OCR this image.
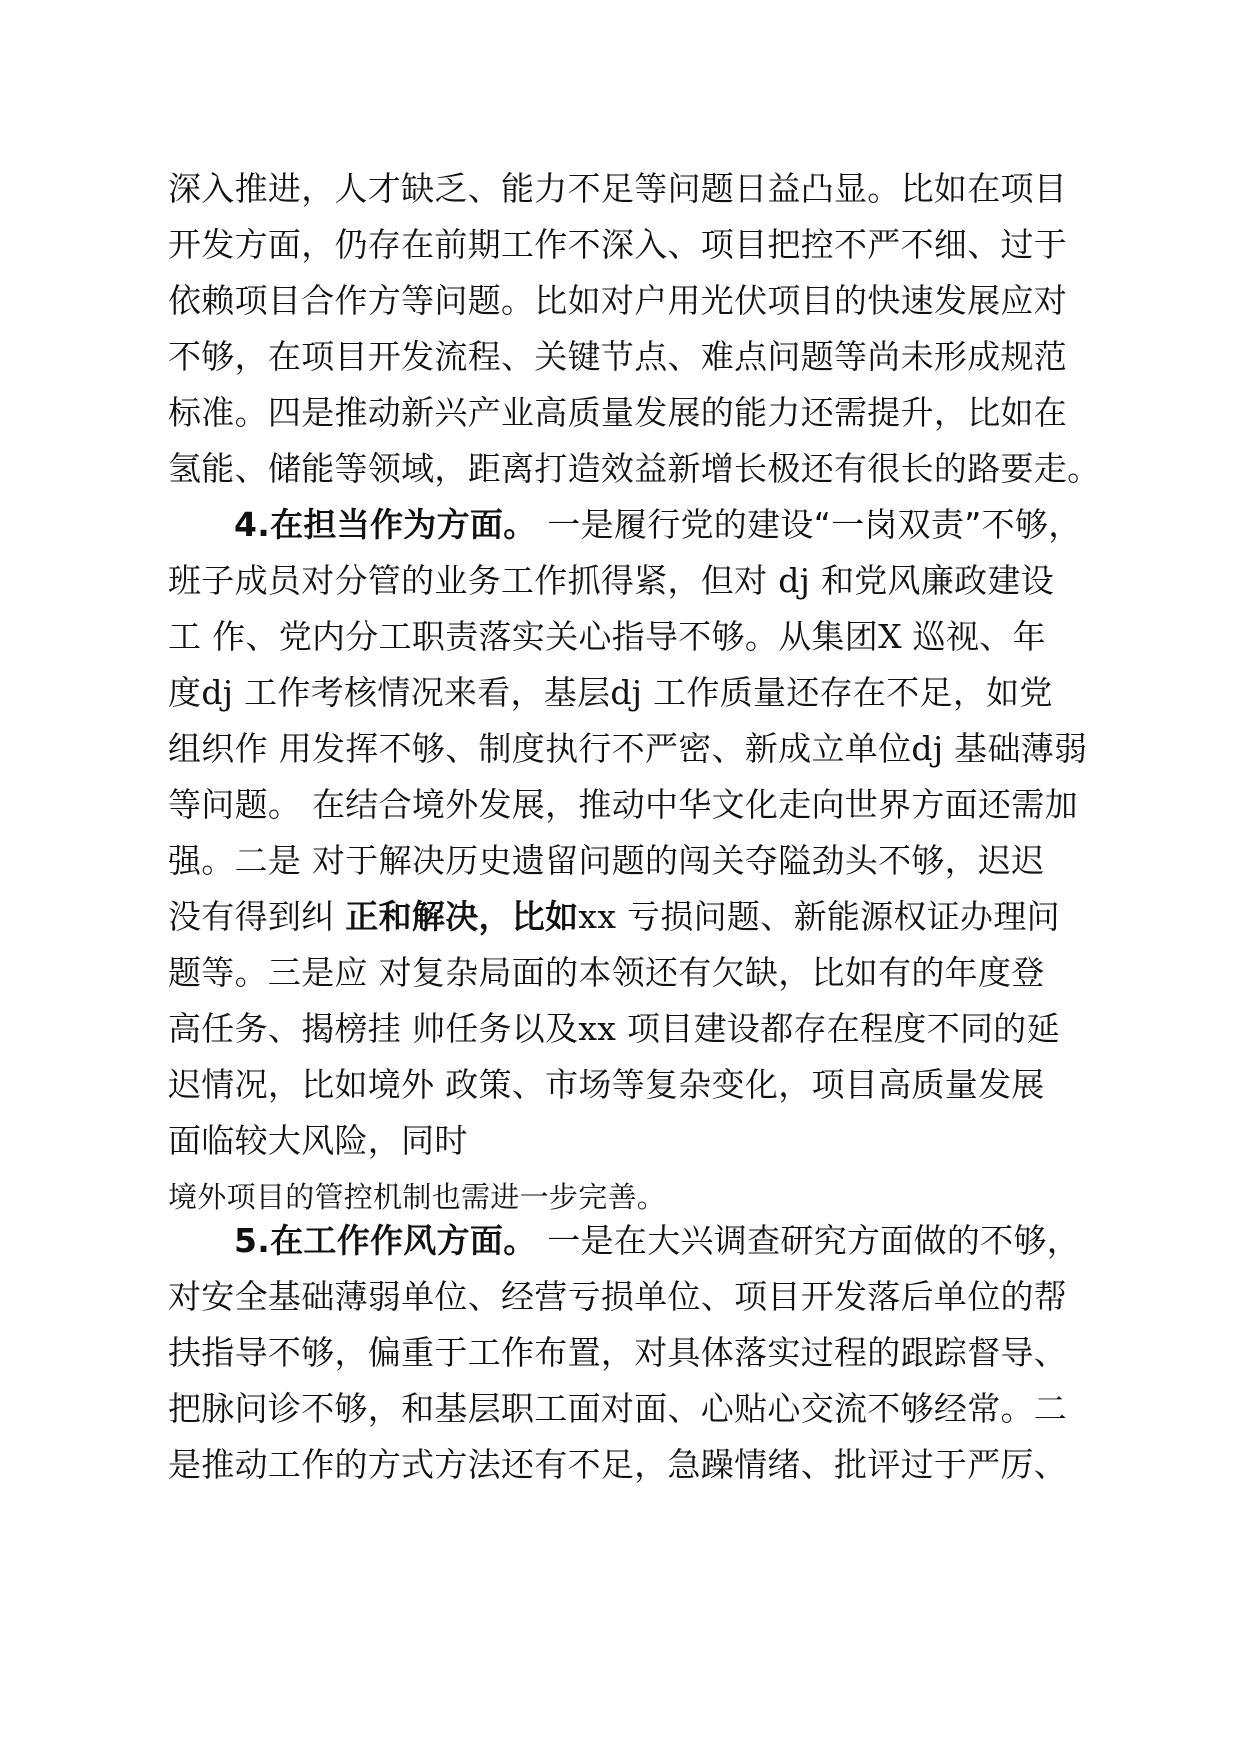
深入推进，人才缺乏、能力不足等问题日益凸显。比如在项目
开发方面，仍存在前期工作不深入、项目把控不严不细、过于
依赖项目合作方等问题。比如对户用光伏项目的快速发展应对
不够，在项目开发流程、关键节点、难点问题等尚未形成规范
标准。四是推动新兴产业高质量发展的能力还需提升，比如在
氢能、储能等领域，距离打造效益新增长极还有很长的路要走。
4.在担当作为方面。 一是履行党的建设“一岗双责”不够，
班子成员对分管的业务工作抓得紧，但对 dj 和党风廉政建设
工 作、党内分工职责落实关心指导不够。从集团X 巡视、年
度dj 工作考核情况来看，基层dj 工作质量还存在不足，如党
组织作 用发挥不够、制度执行不严密、新成立单位dj 基础薄弱
等问题。 在结合境外发展，推动中华文化走向世界方面还需加
强。二是 对于解决历史遗留问题的闯关夺隘劲头不够，迟迟
没有得到纠 正和解决，比如xx 亏损问题、新能源权证办理问
题等。三是应 对复杂局面的本领还有欠缺，比如有的年度登
高任务、揭榜挂 帅任务以及xx 项目建设都存在程度不同的延
迟情况，比如境外 政策、市场等复杂变化，项目高质量发展
面临较大风险，同时
境外项目的管控机制也需进一步完善。
5.在工作作风方面。 一是在大兴调查研究方面做的不够，
对安全基础薄弱单位、经营亏损单位、项目开发落后单位的帮
扶指导不够，偏重于工作布置，对具体落实过程的跟踪督导、
把脉问诊不够，和基层职工面对面、心贴心交流不够经常。二
是推动工作的方式方法还有不足，急躁情绪、批评过于严厉、
